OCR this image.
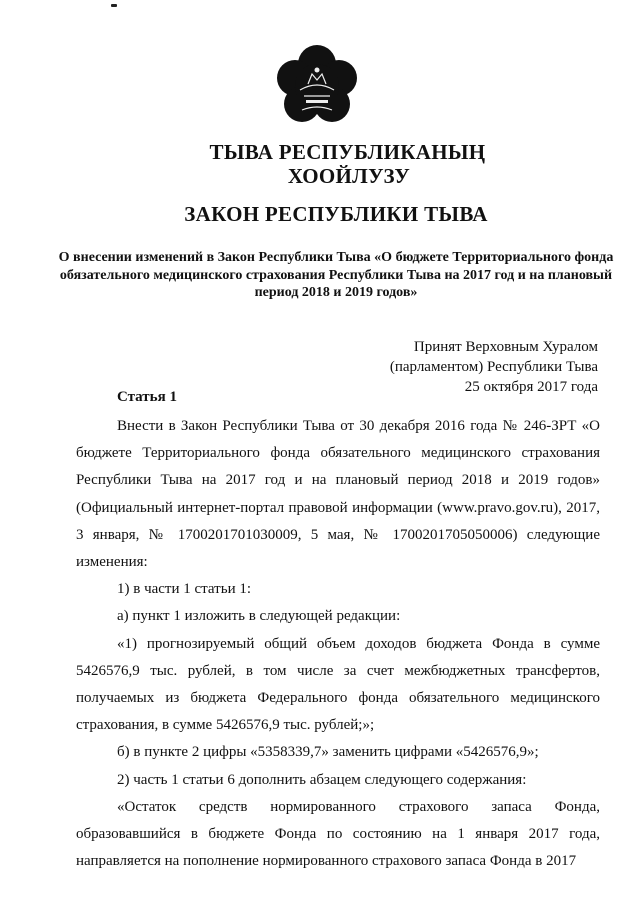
ТЫВА РЕСПУБЛИКАНЫҢ
ХООЙЛУЗУ
ЗАКОН РЕСПУБЛИКИ ТЫВА
О внесении изменений в Закон Республики Тыва «О бюджете Территориального фонда обязательного медицинского страхования Республики Тыва на 2017 год и на плановый период 2018 и 2019 годов»
Принят Верховным Хуралом
(парламентом) Республики Тыва
25 октября 2017 года
Статья 1

Внести в Закон Республики Тыва от 30 декабря 2016 года № 246-ЗРТ «О бюджете Территориального фонда обязательного медицинского страхования Республики Тыва на 2017 год и на плановый период 2018 и 2019 годов» (Официальный интернет-портал правовой информации (www.pravo.gov.ru), 2017, 3 января, № 1700201701030009, 5 мая, № 1700201705050006) следующие изменения:

1) в части 1 статьи 1:

а) пункт 1 изложить в следующей редакции:

«1) прогнозируемый общий объем доходов бюджета Фонда в сумме 5426576,9 тыс. рублей, в том числе за счет межбюджетных трансфертов, получаемых из бюджета Федерального фонда обязательного медицинского страхования, в сумме 5426576,9 тыс. рублей;»;

б) в пункте 2 цифры «5358339,7» заменить цифрами «5426576,9»;

2) часть 1 статьи 6 дополнить абзацем следующего содержания:

«Остаток средств нормированного страхового запаса Фонда, образовавшийся в бюджете Фонда по состоянию на 1 января 2017 года, направляется на пополнение нормированного страхового запаса Фонда в 2017
